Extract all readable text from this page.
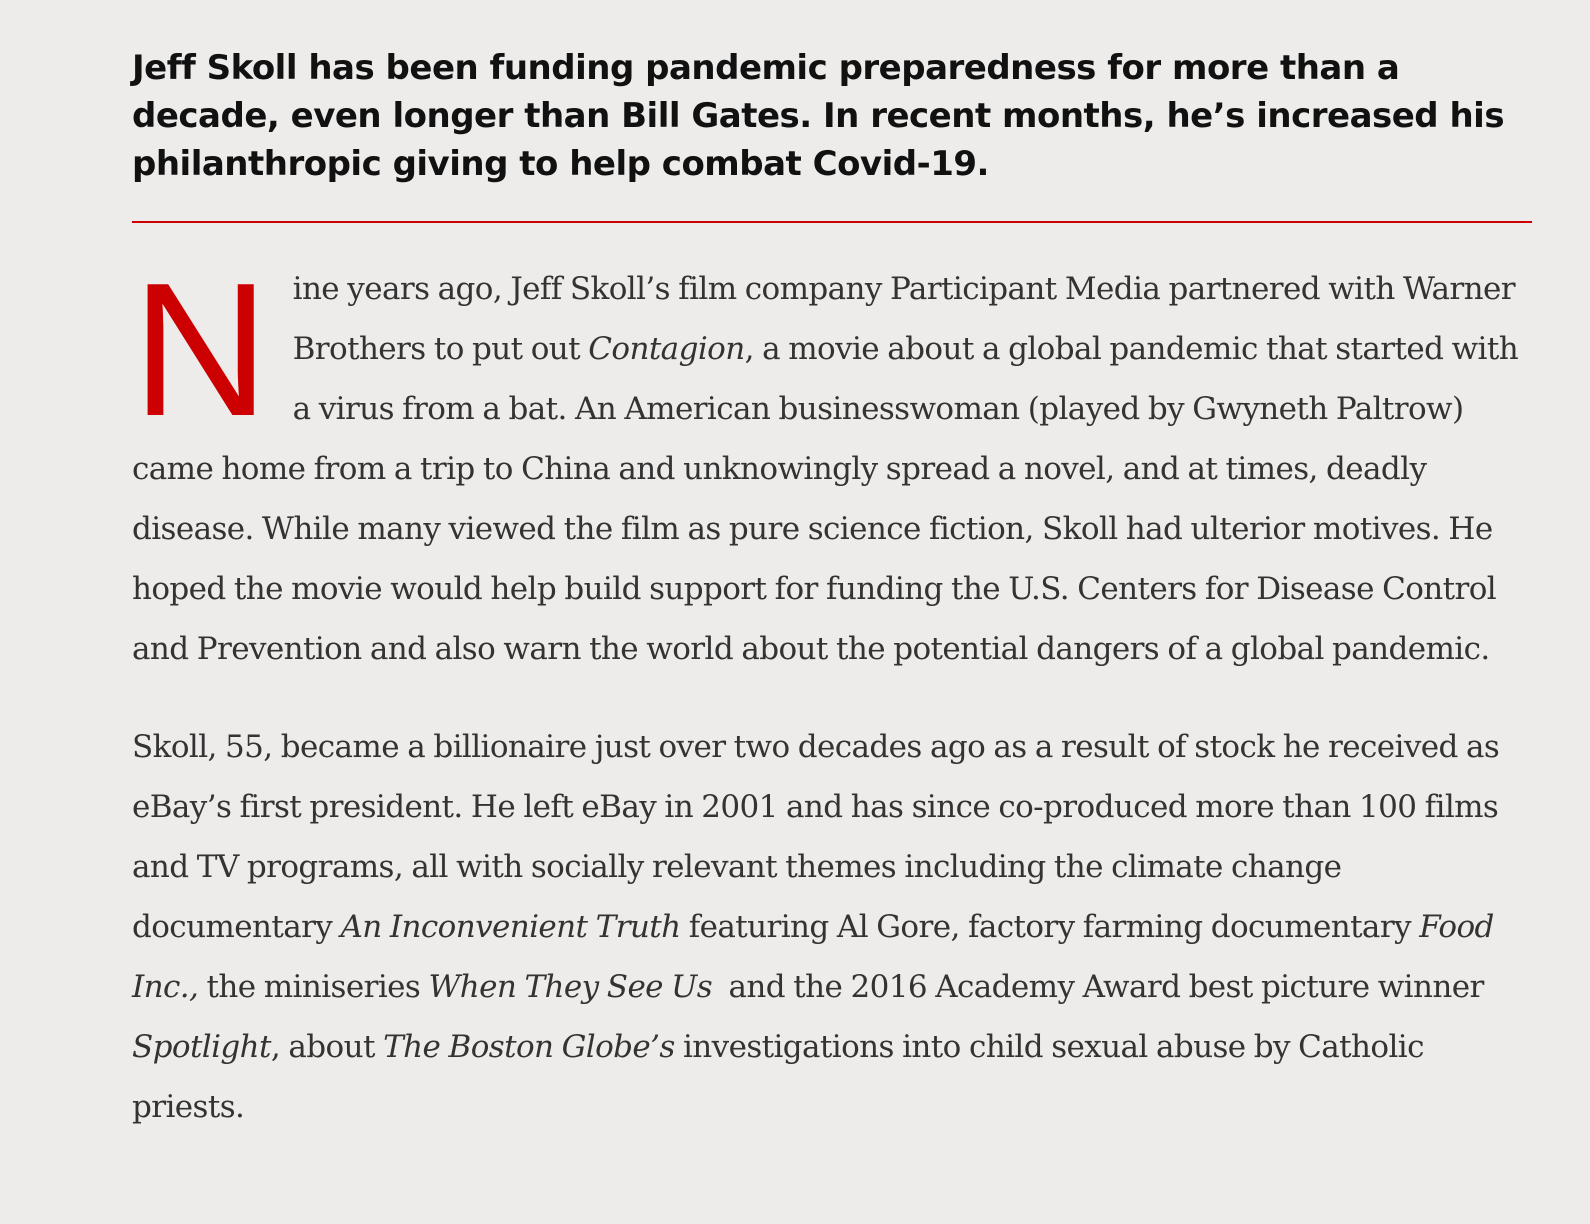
Jeff Skoll has been funding pandemic preparedness for more than a decade, even longer than Bill Gates. In recent months, he’s increased his philanthropic giving to help combat Covid-19.

Nine years ago, Jeff Skoll’s film company Participant Media partnered with Warner Brothers to put out Contagion, a movie about a global pandemic that started with a virus from a bat. An American businesswoman (played by Gwyneth Paltrow) came home from a trip to China and unknowingly spread a novel, and at times, deadly disease. While many viewed the film as pure science fiction, Skoll had ulterior motives. He hoped the movie would help build support for funding the U.S. Centers for Disease Control and Prevention and also warn the world about the potential dangers of a global pandemic.

Skoll, 55, became a billionaire just over two decades ago as a result of stock he received as eBay’s first president. He left eBay in 2001 and has since co-produced more than 100 films and TV programs, all with socially relevant themes including the climate change documentary An Inconvenient Truth featuring Al Gore, factory farming documentary Food Inc., the miniseries When They See Us  and the 2016 Academy Award best picture winner Spotlight, about The Boston Globe’s investigations into child sexual abuse by Catholic priests.
